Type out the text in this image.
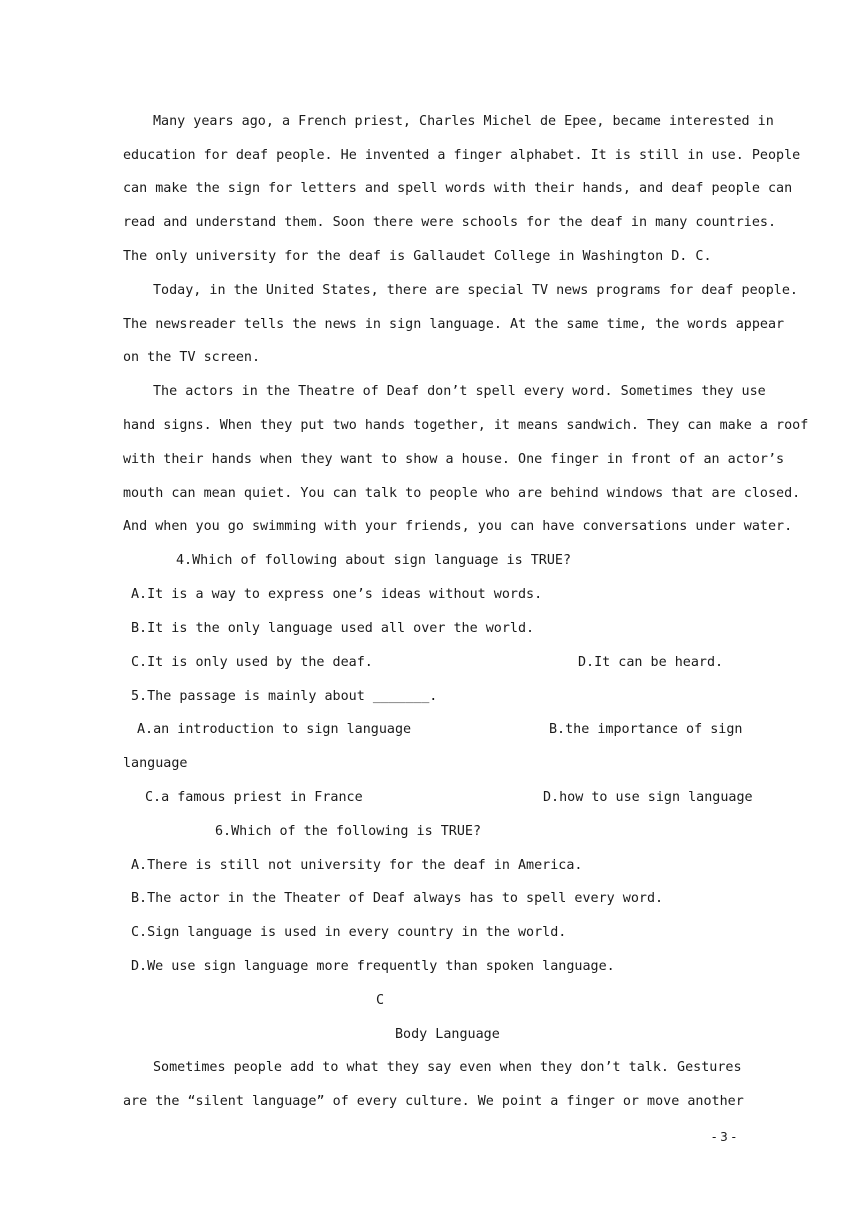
Many years ago, a French priest, Charles Michel de Epee, became interested in
education for deaf people. He invented a finger alphabet. It is still in use. People
can make the sign for letters and spell words with their hands, and deaf people can
read and understand them. Soon there were schools for the deaf in many countries.
The only university for the deaf is Gallaudet College in Washington D. C.
Today, in the United States, there are special TV news programs for deaf people.
The newsreader tells the news in sign language. At the same time, the words appear
on the TV screen.
The actors in the Theatre of Deaf don’t spell every word. Sometimes they use
hand signs. When they put two hands together, it means sandwich. They can make a roof
with their hands when they want to show a house. One finger in front of an actor’s
mouth can mean quiet. You can talk to people who are behind windows that are closed.
And when you go swimming with your friends, you can have conversations under water.
4.Which of following about sign language is TRUE?
A.It is a way to express one’s ideas without words.
B.It is the only language used all over the world.
C.It is only used by the deaf.	D.It can be heard.
5.The passage is mainly about _______.
A.an introduction to sign language	B.the importance of sign
language
C.a famous priest in France	D.how to use sign language
6.Which of the following is TRUE?
A.There is still not university for the deaf in America.
B.The actor in the Theater of Deaf always has to spell every word.
C.Sign language is used in every country in the world.
D.We use sign language more frequently than spoken language.
C
Body Language
Sometimes people add to what they say even when they don’t talk. Gestures
are the “silent language” of every culture. We point a finger or move another
- 3 -
